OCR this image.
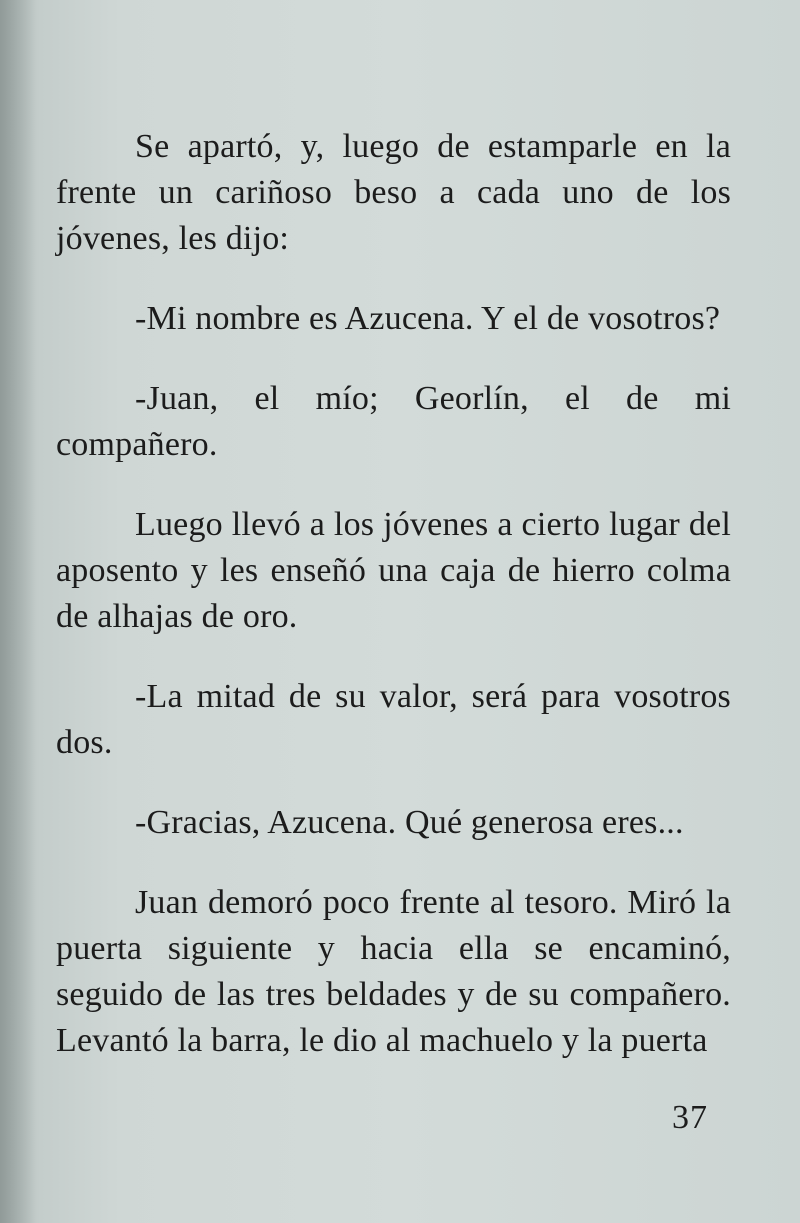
Se apartó, y, luego de estamparle en la frente un cariñoso beso a cada uno de los jóvenes, les dijo:

-Mi nombre es Azucena. Y el de vosotros?

-Juan, el mío; Georlín, el de mi compañero.

Luego llevó a los jóvenes a cierto lugar del aposento y les enseñó una caja de hierro colma de alhajas de oro.

-La mitad de su valor, será para vosotros dos.

-Gracias, Azucena. Qué generosa eres...

Juan demoró poco frente al tesoro. Miró la puerta siguiente y hacia ella se encaminó, seguido de las tres beldades y de su compañero. Levantó la barra, le dio al machuelo y la puerta

37
